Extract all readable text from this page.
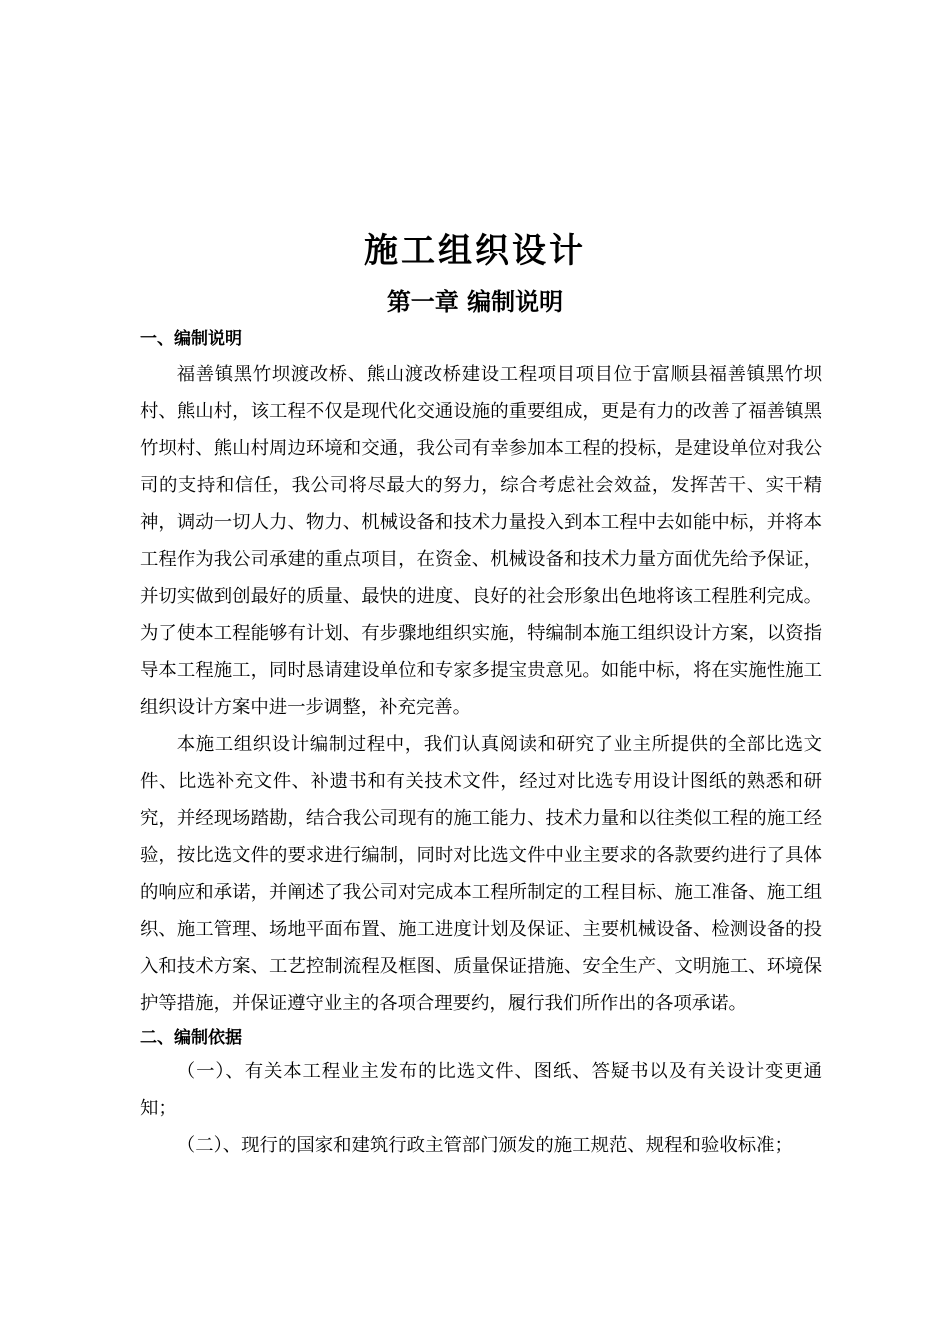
施工组织设计
第一章 编制说明
一、编制说明

福善镇黑竹坝渡改桥、熊山渡改桥建设工程项目项目位于富顺县福善镇黑竹坝村、熊山村，该工程不仅是现代化交通设施的重要组成，更是有力的改善了福善镇黑竹坝村、熊山村周边环境和交通，我公司有幸参加本工程的投标，是建设单位对我公司的支持和信任，我公司将尽最大的努力，综合考虑社会效益，发挥苦干、实干精神，调动一切人力、物力、机械设备和技术力量投入到本工程中去如能中标，并将本工程作为我公司承建的重点项目，在资金、机械设备和技术力量方面优先给予保证，并切实做到创最好的质量、最快的进度、良好的社会形象出色地将该工程胜利完成。为了使本工程能够有计划、有步骤地组织实施，特编制本施工组织设计方案，以资指导本工程施工，同时恳请建设单位和专家多提宝贵意见。如能中标，将在实施性施工组织设计方案中进一步调整，补充完善。

本施工组织设计编制过程中，我们认真阅读和研究了业主所提供的全部比选文件、比选补充文件、补遗书和有关技术文件，经过对比选专用设计图纸的熟悉和研究，并经现场踏勘，结合我公司现有的施工能力、技术力量和以往类似工程的施工经验，按比选文件的要求进行编制，同时对比选文件中业主要求的各款要约进行了具体的响应和承诺，并阐述了我公司对完成本工程所制定的工程目标、施工准备、施工组织、施工管理、场地平面布置、施工进度计划及保证、主要机械设备、检测设备的投入和技术方案、工艺控制流程及框图、质量保证措施、安全生产、文明施工、环境保护等措施，并保证遵守业主的各项合理要约，履行我们所作出的各项承诺。

二、编制依据

（一）、有关本工程业主发布的比选文件、图纸、答疑书以及有关设计变更通知；

（二）、现行的国家和建筑行政主管部门颁发的施工规范、规程和验收标准；
